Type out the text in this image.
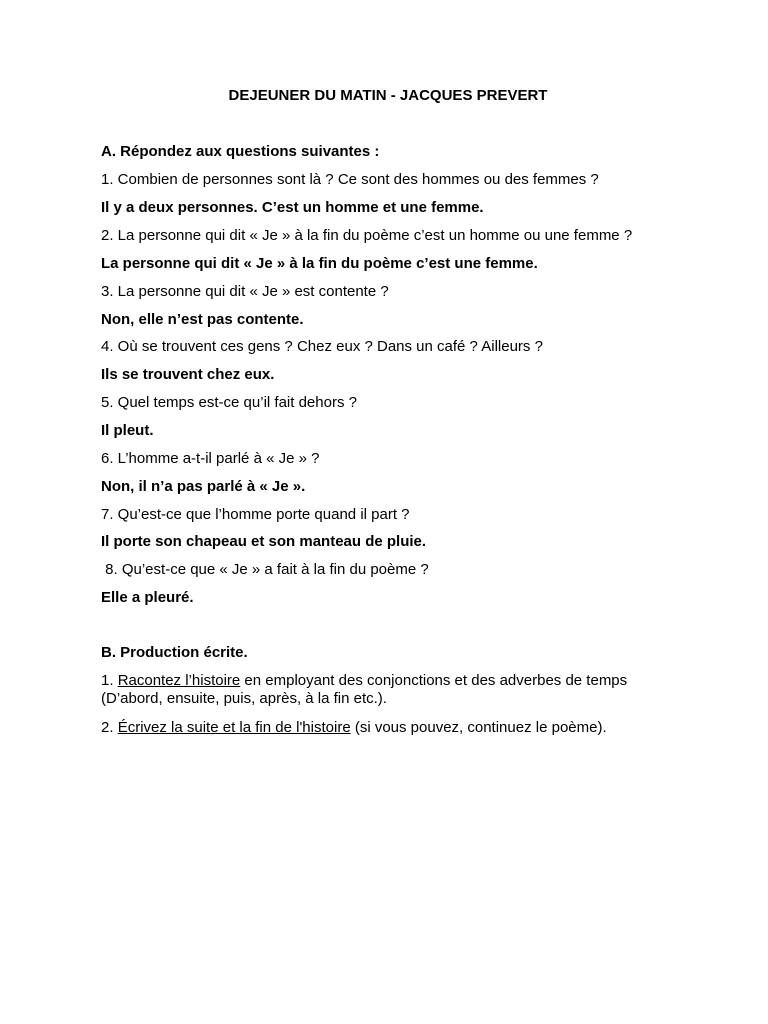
DEJEUNER DU MATIN - JACQUES PREVERT
A. Répondez aux questions suivantes :
1. Combien de personnes sont là ? Ce sont des hommes ou des femmes ?
Il y a deux personnes. C’est un homme et une femme.
2. La personne qui dit « Je » à la fin du poème c’est un homme ou une femme ?
La personne qui dit « Je » à la fin du poème c’est une femme.
3. La personne qui dit « Je » est contente ?
Non, elle n’est pas contente.
4. Où se trouvent ces gens ? Chez eux ? Dans un café ? Ailleurs ?
Ils se trouvent chez eux.
5. Quel temps est-ce qu’il fait dehors ?
Il pleut.
6. L’homme a-t-il parlé à « Je » ?
Non, il n’a pas parlé à « Je ».
7. Qu’est-ce que l’homme porte quand il part ?
Il porte son chapeau et son manteau de pluie.
8. Qu’est-ce que « Je » a fait à la fin du poème ?
Elle a pleuré.
B. Production écrite.
1. Racontez l’histoire en employant des conjonctions et des adverbes de temps (D’abord, ensuite, puis, après, à la fin etc.).
2. Écrivez la suite et la fin de l'histoire (si vous pouvez, continuez le poème).
